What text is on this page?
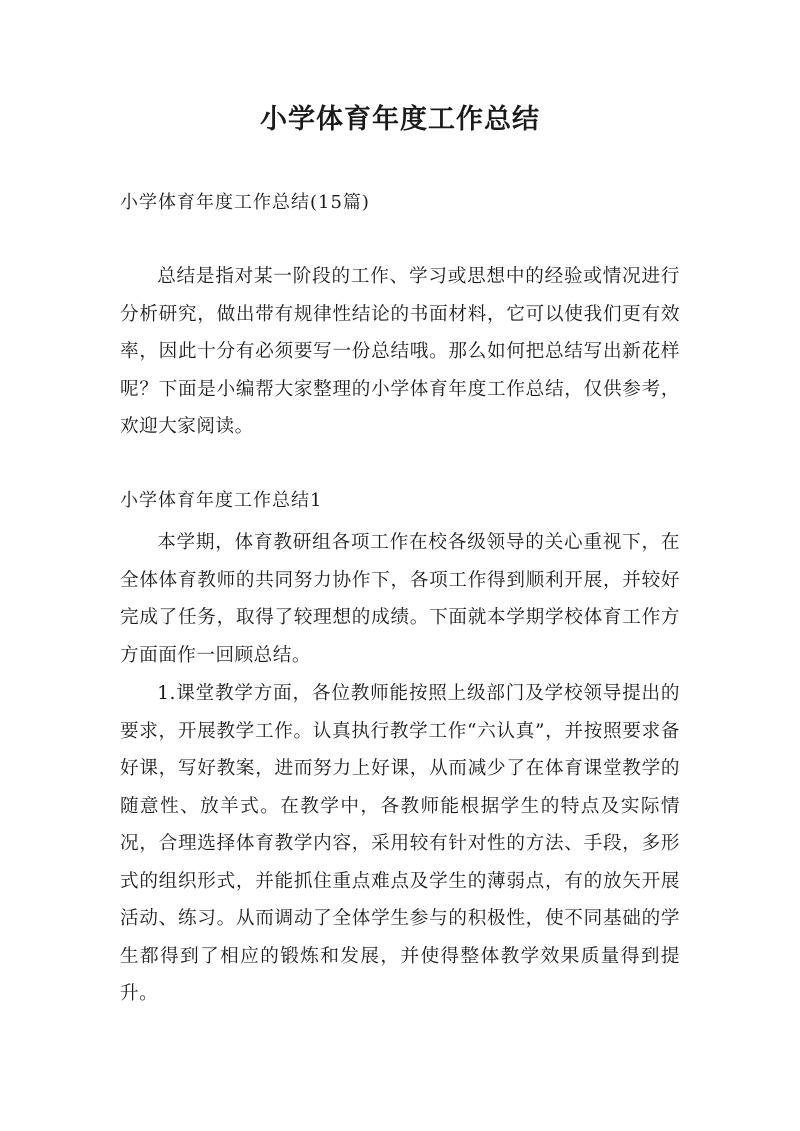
小学体育年度工作总结

小学体育年度工作总结(15篇)

总结是指对某一阶段的工作、学习或思想中的经验或情况进行分析研究，做出带有规律性结论的书面材料，它可以使我们更有效率，因此十分有必须要写一份总结哦。那么如何把总结写出新花样呢？下面是小编帮大家整理的小学体育年度工作总结，仅供参考，欢迎大家阅读。

小学体育年度工作总结1

本学期，体育教研组各项工作在校各级领导的关心重视下，在全体体育教师的共同努力协作下，各项工作得到顺利开展，并较好完成了任务，取得了较理想的成绩。下面就本学期学校体育工作方方面面作一回顾总结。

1.课堂教学方面，各位教师能按照上级部门及学校领导提出的要求，开展教学工作。认真执行教学工作“六认真”，并按照要求备好课，写好教案，进而努力上好课，从而减少了在体育课堂教学的随意性、放羊式。在教学中，各教师能根据学生的特点及实际情况，合理选择体育教学内容，采用较有针对性的方法、手段，多形式的组织形式，并能抓住重点难点及学生的薄弱点，有的放矢开展活动、练习。从而调动了全体学生参与的积极性，使不同基础的学生都得到了相应的锻炼和发展，并使得整体教学效果质量得到提升。
